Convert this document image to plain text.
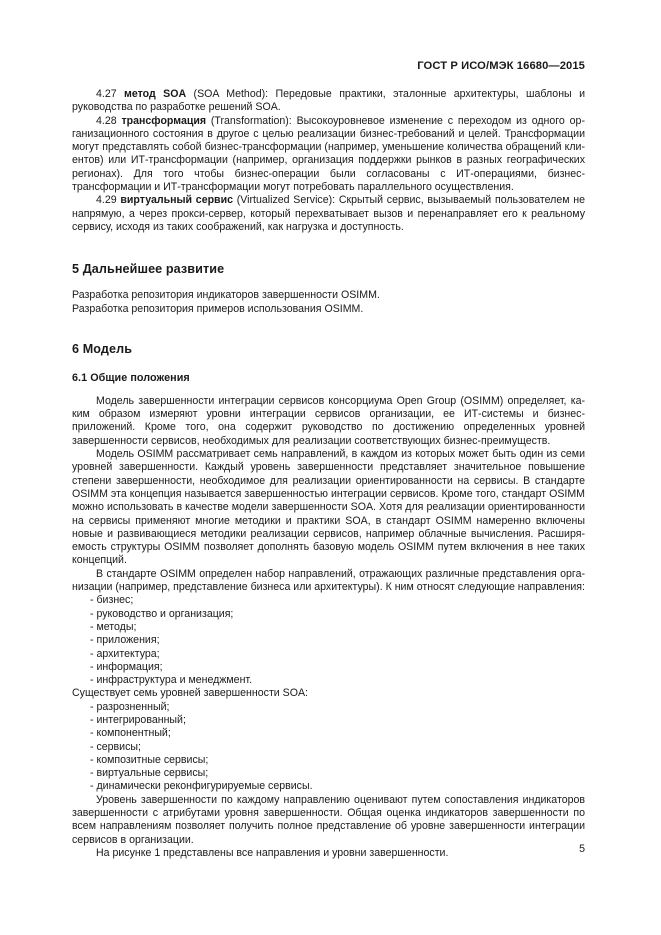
ГОСТ Р ИСО/МЭК 16680—2015

4.27 метод SOA (SOA Method): Передовые практики, эталонные архитектуры, шаблоны и руководства по разработке решений SOA.

4.28 трансформация (Transformation): Высокоуровневое изменение с переходом из одного организационного состояния в другое с целью реализации бизнес-требований и целей. Трансформации могут представлять собой бизнес-трансформации (например, уменьшение количества обращений клиентов) или ИТ-трансформации (например, организация поддержки рынков в разных географических регионах). Для того чтобы бизнес-операции были согласованы с ИТ-операциями, бизнес-трансформации и ИТ-трансформации могут потребовать параллельного осуществления.

4.29 виртуальный сервис (Virtualized Service): Скрытый сервис, вызываемый пользователем не напрямую, а через прокси-сервер, который перехватывает вызов и перенаправляет его к реальному сервису, исходя из таких соображений, как нагрузка и доступность.

5 Дальнейшее развитие

Разработка репозитория индикаторов завершенности OSIMM.

Разработка репозитория примеров использования OSIMM.

6 Модель
6.1 Общие положения

Модель завершенности интеграции сервисов консорциума Open Group (OSIMM) определяет, каким образом измеряют уровни интеграции сервисов организации, ее ИТ-системы и бизнес-приложений. Кроме того, она содержит руководство по достижению определенных уровней завершенности сервисов, необходимых для реализации соответствующих бизнес-преимуществ.

Модель OSIMM рассматривает семь направлений, в каждом из которых может быть один из семи уровней завершенности. Каждый уровень завершенности представляет значительное повышение степени завершенности, необходимое для реализации ориентированности на сервисы. В стандарте OSIMM эта концепция называется завершенностью интеграции сервисов. Кроме того, стандарт OSIMM можно использовать в качестве модели завершенности SOA. Хотя для реализации ориентированности на сервисы применяют многие методики и практики SOA, в стандарт OSIMM намеренно включены новые и развивающиеся методики реализации сервисов, например облачные вычисления. Расширяемость структуры OSIMM позволяет дополнять базовую модель OSIMM путем включения в нее таких концепций.

В стандарте OSIMM определен набор направлений, отражающих различные представления организации (например, представление бизнеса или архитектуры). К ним относят следующие направления:

- бизнес;

- руководство и организация;

- методы;

- приложения;

- архитектура;

- информация;

- инфраструктура и менеджмент.

Существует семь уровней завершенности SOA:

- разрозненный;

- интегрированный;

- компонентный;

- сервисы;

- композитные сервисы;

- виртуальные сервисы;

- динамически реконфигурируемые сервисы.

Уровень завершенности по каждому направлению оценивают путем сопоставления индикаторов завершенности с атрибутами уровня завершенности. Общая оценка индикаторов завершенности по всем направлениям позволяет получить полное представление об уровне завершенности интеграции сервисов в организации.

На рисунке 1 представлены все направления и уровни завершенности.	5
